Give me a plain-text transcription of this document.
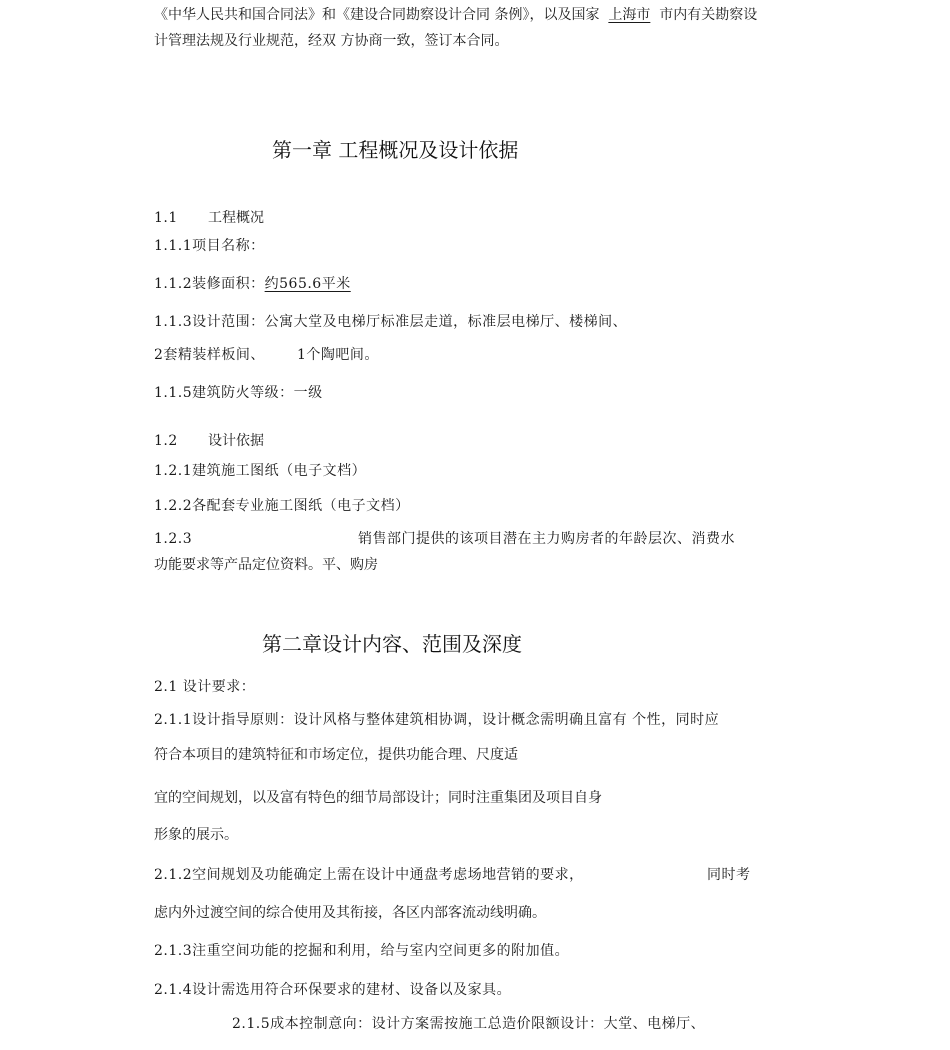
《中华人民共和国合同法》和《建设合同勘察设计合同 条例》，以及国家 上海市 市内有关勘察设
计管理法规及行业规范，经双 方协商一致，签订本合同。
第一章 工程概况及设计依据
1.1 工程概况
1.1.1项目名称：
1.1.2装修面积：约565.6平米
1.1.3设计范围：公寓大堂及电梯厅标准层走道，标准层电梯厅、楼梯间、
2套精装样板间、 1个陶吧间。
1.1.5建筑防火等级：一级
1.2 设计依据
1.2.1建筑施工图纸（电子文档）
1.2.2各配套专业施工图纸（电子文档）
1.2.3	销售部门提供的该项目潜在主力购房者的年龄层次、消费水
功能要求等产品定位资料。平、购房
第二章设计内容、范围及深度
2.1 设计要求：
2.1.1设计指导原则：设计风格与整体建筑相协调，设计概念需明确且富有 个性，同时应
符合本项目的建筑特征和市场定位，提供功能合理、尺度适
宜的空间规划，以及富有特色的细节局部设计；同时注重集团及项目自身
形象的展示。
2.1.2空间规划及功能确定上需在设计中通盘考虑场地营销的要求，	同时考
虑内外过渡空间的综合使用及其衔接，各区内部客流动线明确。
2.1.3注重空间功能的挖掘和利用，给与室内空间更多的附加值。
2.1.4设计需选用符合环保要求的建材、设备以及家具。
2.1.5成本控制意向：设计方案需按施工总造价限额设计：大堂、电梯厅、
